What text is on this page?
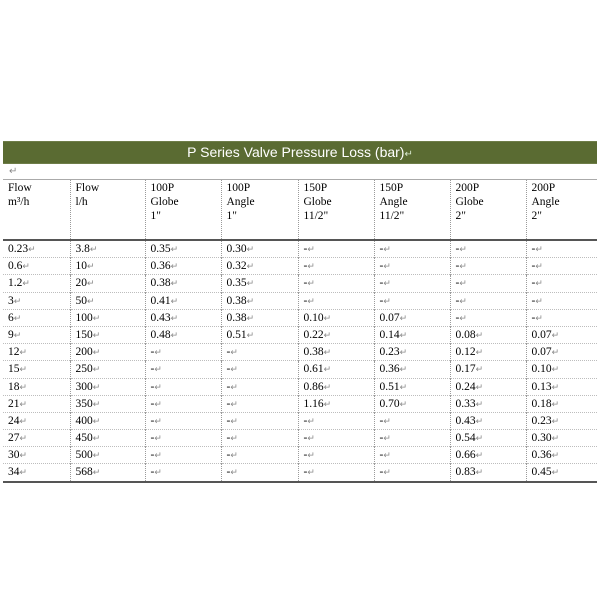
P Series Valve Pressure Loss (bar)↵
↵
Flow
m³/h	Flow
l/h	100P
Globe
1"	100P
Angle
1"	150P
Globe
11/2"	150P
Angle
11/2"	200P
Globe
2"	200P
Angle
2"

0.23↵	3.8↵	0.35↵	0.30↵	-↵	-↵	-↵	-↵
0.6↵	10↵	0.36↵	0.32↵	-↵	-↵	-↵	-↵
1.2↵	20↵	0.38↵	0.35↵	-↵	-↵	-↵	-↵
3↵	50↵	0.41↵	0.38↵	-↵	-↵	-↵	-↵
6↵	100↵	0.43↵	0.38↵	0.10↵	0.07↵	-↵	-↵
9↵	150↵	0.48↵	0.51↵	0.22↵	0.14↵	0.08↵	0.07↵
12↵	200↵	-↵	-↵	0.38↵	0.23↵	0.12↵	0.07↵
15↵	250↵	-↵	-↵	0.61↵	0.36↵	0.17↵	0.10↵
18↵	300↵	-↵	-↵	0.86↵	0.51↵	0.24↵	0.13↵
21↵	350↵	-↵	-↵	1.16↵	0.70↵	0.33↵	0.18↵
24↵	400↵	-↵	-↵	-↵	-↵	0.43↵	0.23↵
27↵	450↵	-↵	-↵	-↵	-↵	0.54↵	0.30↵
30↵	500↵	-↵	-↵	-↵	-↵	0.66↵	0.36↵
34↵	568↵	-↵	-↵	-↵	-↵	0.83↵	0.45↵
